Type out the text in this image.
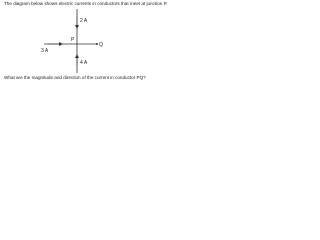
The diagram below shows electric currents in conductors that meet at junction P.
2 A
3 A
4 A
P
Q
What are the magnitude and direction of the current in conductor PQ?
